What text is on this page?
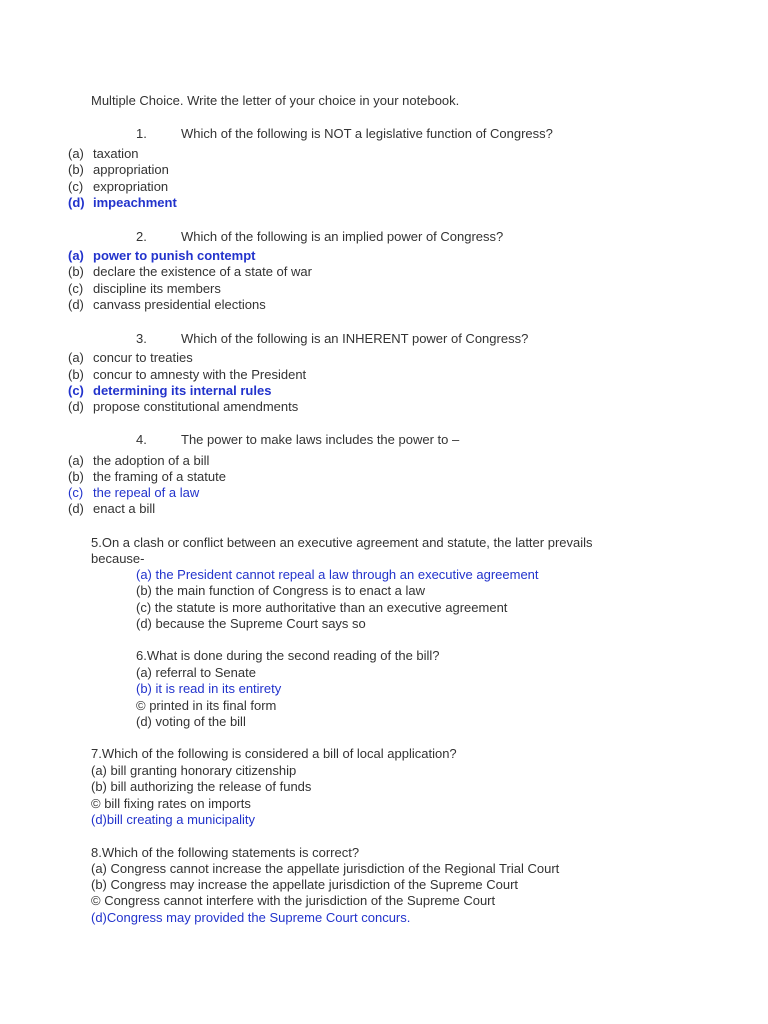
Multiple Choice. Write the letter of your choice in your notebook.
1.	Which of the following is NOT a legislative function of Congress?
(a) taxation
(b) appropriation
(c) expropriation
(d) impeachment
2.	Which of the following is an implied power of Congress?
(a) power to punish contempt
(b) declare the existence of a state of war
(c) discipline its members
(d) canvass presidential elections
3.	Which of the following is an INHERENT power of Congress?
(a) concur to treaties
(b) concur to amnesty with the President
(c) determining its internal rules
(d) propose constitutional amendments
4.	The power to make laws includes the power to –
(a) the adoption of a bill
(b) the framing of a statute
(c) the repeal of a law
(d) enact a bill
5.On a clash or conflict between an executive agreement and statute, the latter prevails
because-
(a) the President cannot repeal a law through an executive agreement
(b) the main function of Congress is to enact a law
(c) the statute is more authoritative than an executive agreement
(d) because the Supreme Court says so
6.What is done during the second reading of the bill?
(a) referral to Senate
(b) it is read in its entirety
© printed in its final form
(d) voting of the bill
7.Which of the following is considered a bill of local application?
(a) bill granting honorary citizenship
(b) bill authorizing the release of funds
© bill fixing rates on imports
(d)bill creating a municipality
8.Which of the following statements is correct?
(a) Congress cannot increase the appellate jurisdiction of the Regional Trial Court
(b) Congress may increase the appellate jurisdiction of the Supreme Court
© Congress cannot interfere with the jurisdiction of the Supreme Court
(d)Congress may provided the Supreme Court concurs.
